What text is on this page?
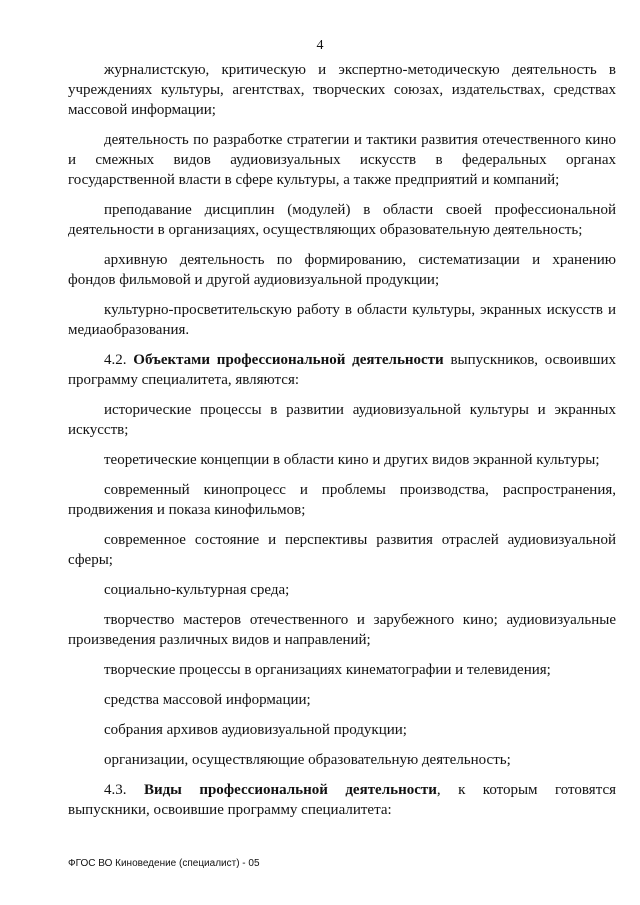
4

журналистскую, критическую и экспертно-методическую деятельность в учреждениях культуры, агентствах, творческих союзах, издательствах, средствах массовой информации;

деятельность по разработке стратегии и тактики развития отечественного кино и смежных видов аудиовизуальных искусств в федеральных органах государственной власти в сфере культуры, а также предприятий и компаний;

преподавание дисциплин (модулей) в области своей профессиональной деятельности в организациях, осуществляющих образовательную деятельность;

архивную деятельность по формированию, систематизации и хранению фондов фильмовой и другой аудиовизуальной продукции;

культурно-просветительскую работу в области культуры, экранных искусств и медиаобразования.

4.2. Объектами профессиональной деятельности выпускников, освоивших программу специалитета, являются:

исторические процессы в развитии аудиовизуальной культуры и экранных искусств;

теоретические концепции в области кино и других видов экранной культуры;

современный кинопроцесс и проблемы производства, распространения, продвижения и показа кинофильмов;

современное состояние и перспективы развития отраслей аудиовизуальной сферы;

социально-культурная среда;

творчество мастеров отечественного и зарубежного кино; аудиовизуальные произведения различных видов и направлений;

творческие процессы в организациях кинематографии и телевидения;

средства массовой информации;

собрания архивов аудиовизуальной продукции;

организации, осуществляющие образовательную деятельность;

4.3. Виды профессиональной деятельности, к которым готовятся выпускники, освоившие программу специалитета:

ФГОС ВО Киноведение (специалист) - 05
